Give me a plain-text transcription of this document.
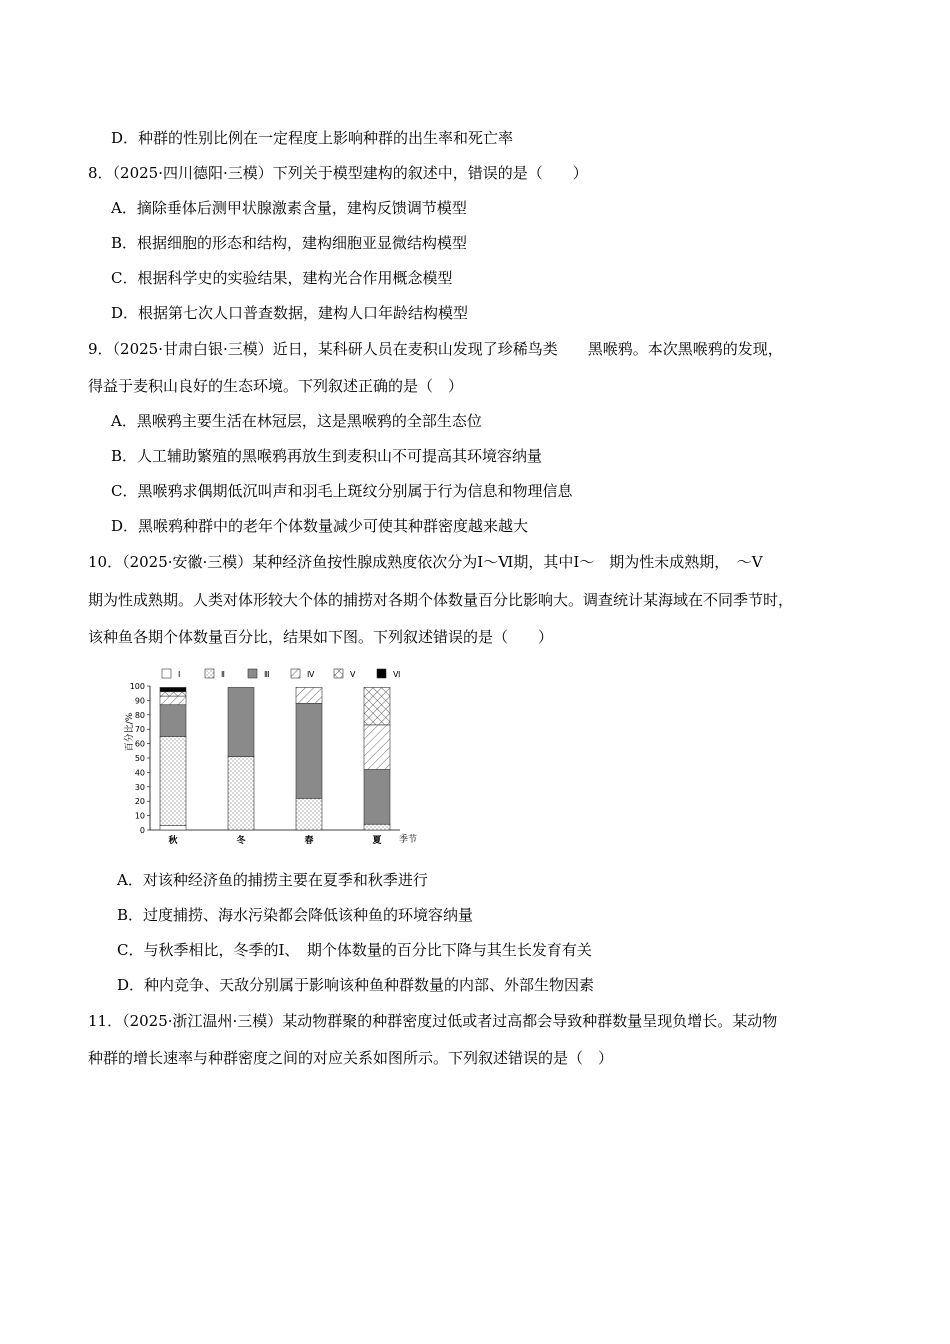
D．种群的性别比例在一定程度上影响种群的出生率和死亡率
8．（2025·四川德阳·三模）下列关于模型建构的叙述中，错误的是（　　）
A．摘除垂体后测甲状腺激素含量，建构反馈调节模型
B．根据细胞的形态和结构，建构细胞亚显微结构模型
C．根据科学史的实验结果，建构光合作用概念模型
D．根据第七次人口普查数据，建构人口年龄结构模型
9．（2025·甘肃白银·三模）近日，某科研人员在麦积山发现了珍稀鸟类　　黑喉鸦。本次黑喉鸦的发现，
得益于麦积山良好的生态环境。下列叙述正确的是（　）
A．黑喉鸦主要生活在林冠层，这是黑喉鸦的全部生态位
B．人工辅助繁殖的黑喉鸦再放生到麦积山不可提高其环境容纳量
C．黑喉鸦求偶期低沉叫声和羽毛上斑纹分别属于行为信息和物理信息
D．黑喉鸦种群中的老年个体数量减少可使其种群密度越来越大
10．（2025·安徽·三模）某种经济鱼按性腺成熟度依次分为Ⅰ～Ⅵ期，其中Ⅰ～　期为性未成熟期，　～Ⅴ
期为性成熟期。人类对体形较大个体的捕捞对各期个体数量百分比影响大。调查统计某海域在不同季节时，
该种鱼各期个体数量百分比，结果如下图。下列叙述错误的是（　　）
Ⅰ	Ⅱ	Ⅲ	Ⅳ	Ⅴ	Ⅵ
0
10
20
30
40
50
60
70
80
90
100
秋	冬	春	夏
百分比/%
季节
A．对该种经济鱼的捕捞主要在夏季和秋季进行
B．过度捕捞、海水污染都会降低该种鱼的环境容纳量
C．与秋季相比，冬季的Ⅰ、　期个体数量的百分比下降与其生长发育有关
D．种内竞争、天敌分别属于影响该种鱼种群数量的内部、外部生物因素
11．（2025·浙江温州·三模）某动物群聚的种群密度过低或者过高都会导致种群数量呈现负增长。某动物
种群的增长速率与种群密度之间的对应关系如图所示。下列叙述错误的是（　）
